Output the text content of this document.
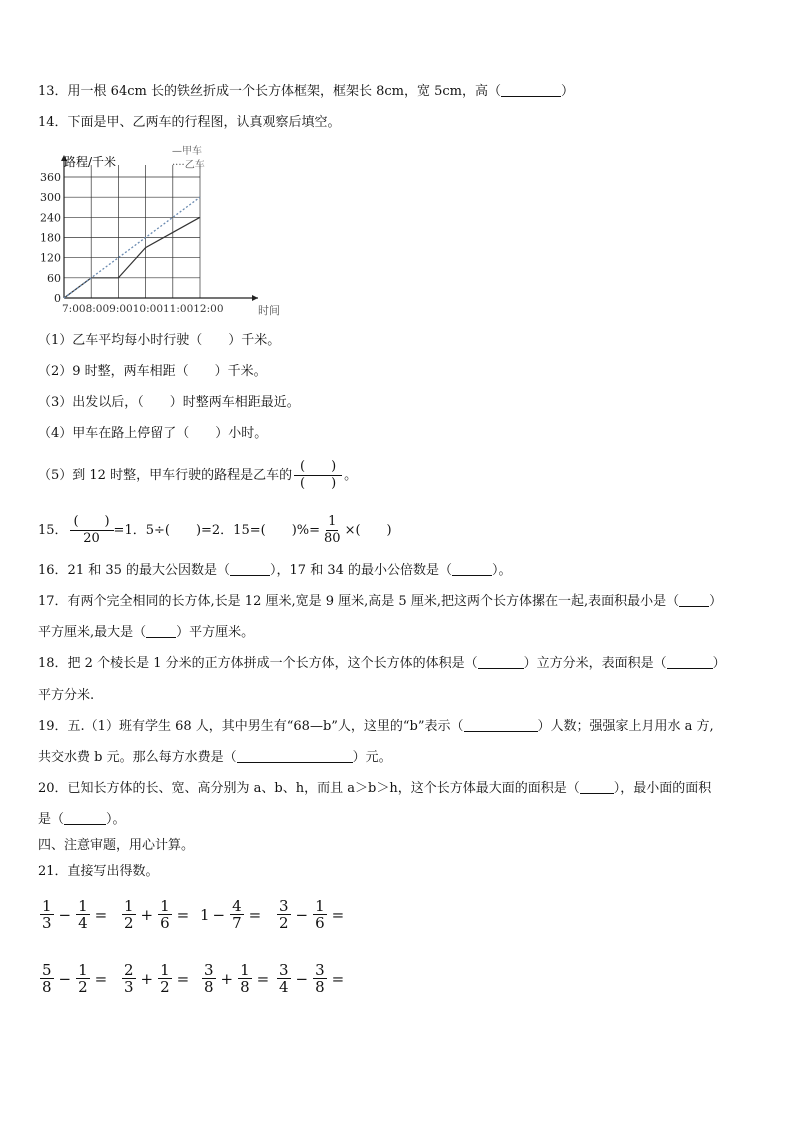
13．用一根 64cm 长的铁丝折成一个长方体框架，框架长 8cm，宽 5cm，高（	）
14．下面是甲、乙两车的行程图，认真观察后填空。
360
300
240
180
120
60
0
路程/千米
时间
—甲车
····乙车
7:008:009:0010:0011:0012:00
（1）乙车平均每小时行驶（　　）千米。
（2）9 时整，两车相距（　　）千米。
（3）出发以后，（　　）时整两车相距最近。
（4）甲车在路上停留了（　　）小时。
（5）到 12 时整，甲车行驶的路程是乙车的 $\frac{( )}{( )}$ 。
15． $\frac{( )}{20} =1$．5÷(　　)=2．15=(　　)%= $\frac{1}{80}$ ×(　　)
16．21 和 35 的最大公因数是（	），17 和 34 的最小公倍数是（	）。
17．有两个完全相同的长方体,长是 12 厘米,宽是 9 厘米,高是 5 厘米,把这两个长方体摞在一起,表面积最小是（ ）
平方厘米,最大是（ ）平方厘米。
18．把 2 个棱长是 1 分米的正方体拼成一个长方体，这个长方体的体积是（	）立方分米，表面积是（	）
平方分米.
19．五.（1）班有学生 68 人，其中男生有“68—b”人，这里的“b”表示（	）人数；强强家上月用水 a 方,
共交水费 b 元。那么每方水费是（	）元。
20．已知长方体的长、宽、高分别为 a、b、h，而且 a＞b＞h，这个长方体最大面的面积是（	），最小面的面积
是（	）。
四、注意审题，用心计算。
21．直接写出得数。
$\frac{1}{3} - \frac{1}{4} = \frac{1}{2} + \frac{1}{6} = 1 - \frac{4}{7} = \frac{3}{2} - \frac{1}{6}$ =
$\frac{5}{8} - \frac{1}{2} = \frac{2}{3} + \frac{1}{2} = \frac{3}{8} + \frac{1}{8} = \frac{3}{4} - \frac{3}{8}$ =
